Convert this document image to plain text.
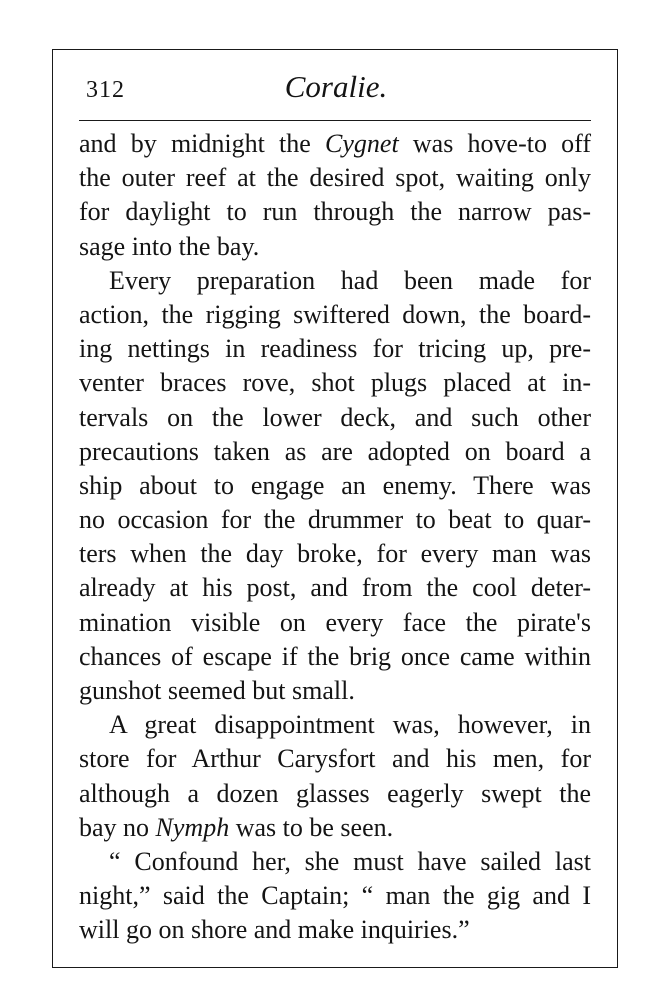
312	Coralie.
and by midnight the Cygnet was hove-to off
the outer reef at the desired spot, waiting only
for daylight to run through the narrow pas-
sage into the bay.
Every preparation had been made for
action, the rigging swiftered down, the board-
ing nettings in readiness for tricing up, pre-
venter braces rove, shot plugs placed at in-
tervals on the lower deck, and such other
precautions taken as are adopted on board a
ship about to engage an enemy. There was
no occasion for the drummer to beat to quar-
ters when the day broke, for every man was
already at his post, and from the cool deter-
mination visible on every face the pirate's
chances of escape if the brig once came within
gunshot seemed but small.
A great disappointment was, however, in
store for Arthur Carysfort and his men, for
although a dozen glasses eagerly swept the
bay no Nymph was to be seen.
“ Confound her, she must have sailed last
night,” said the Captain; “ man the gig and I
will go on shore and make inquiries.”
